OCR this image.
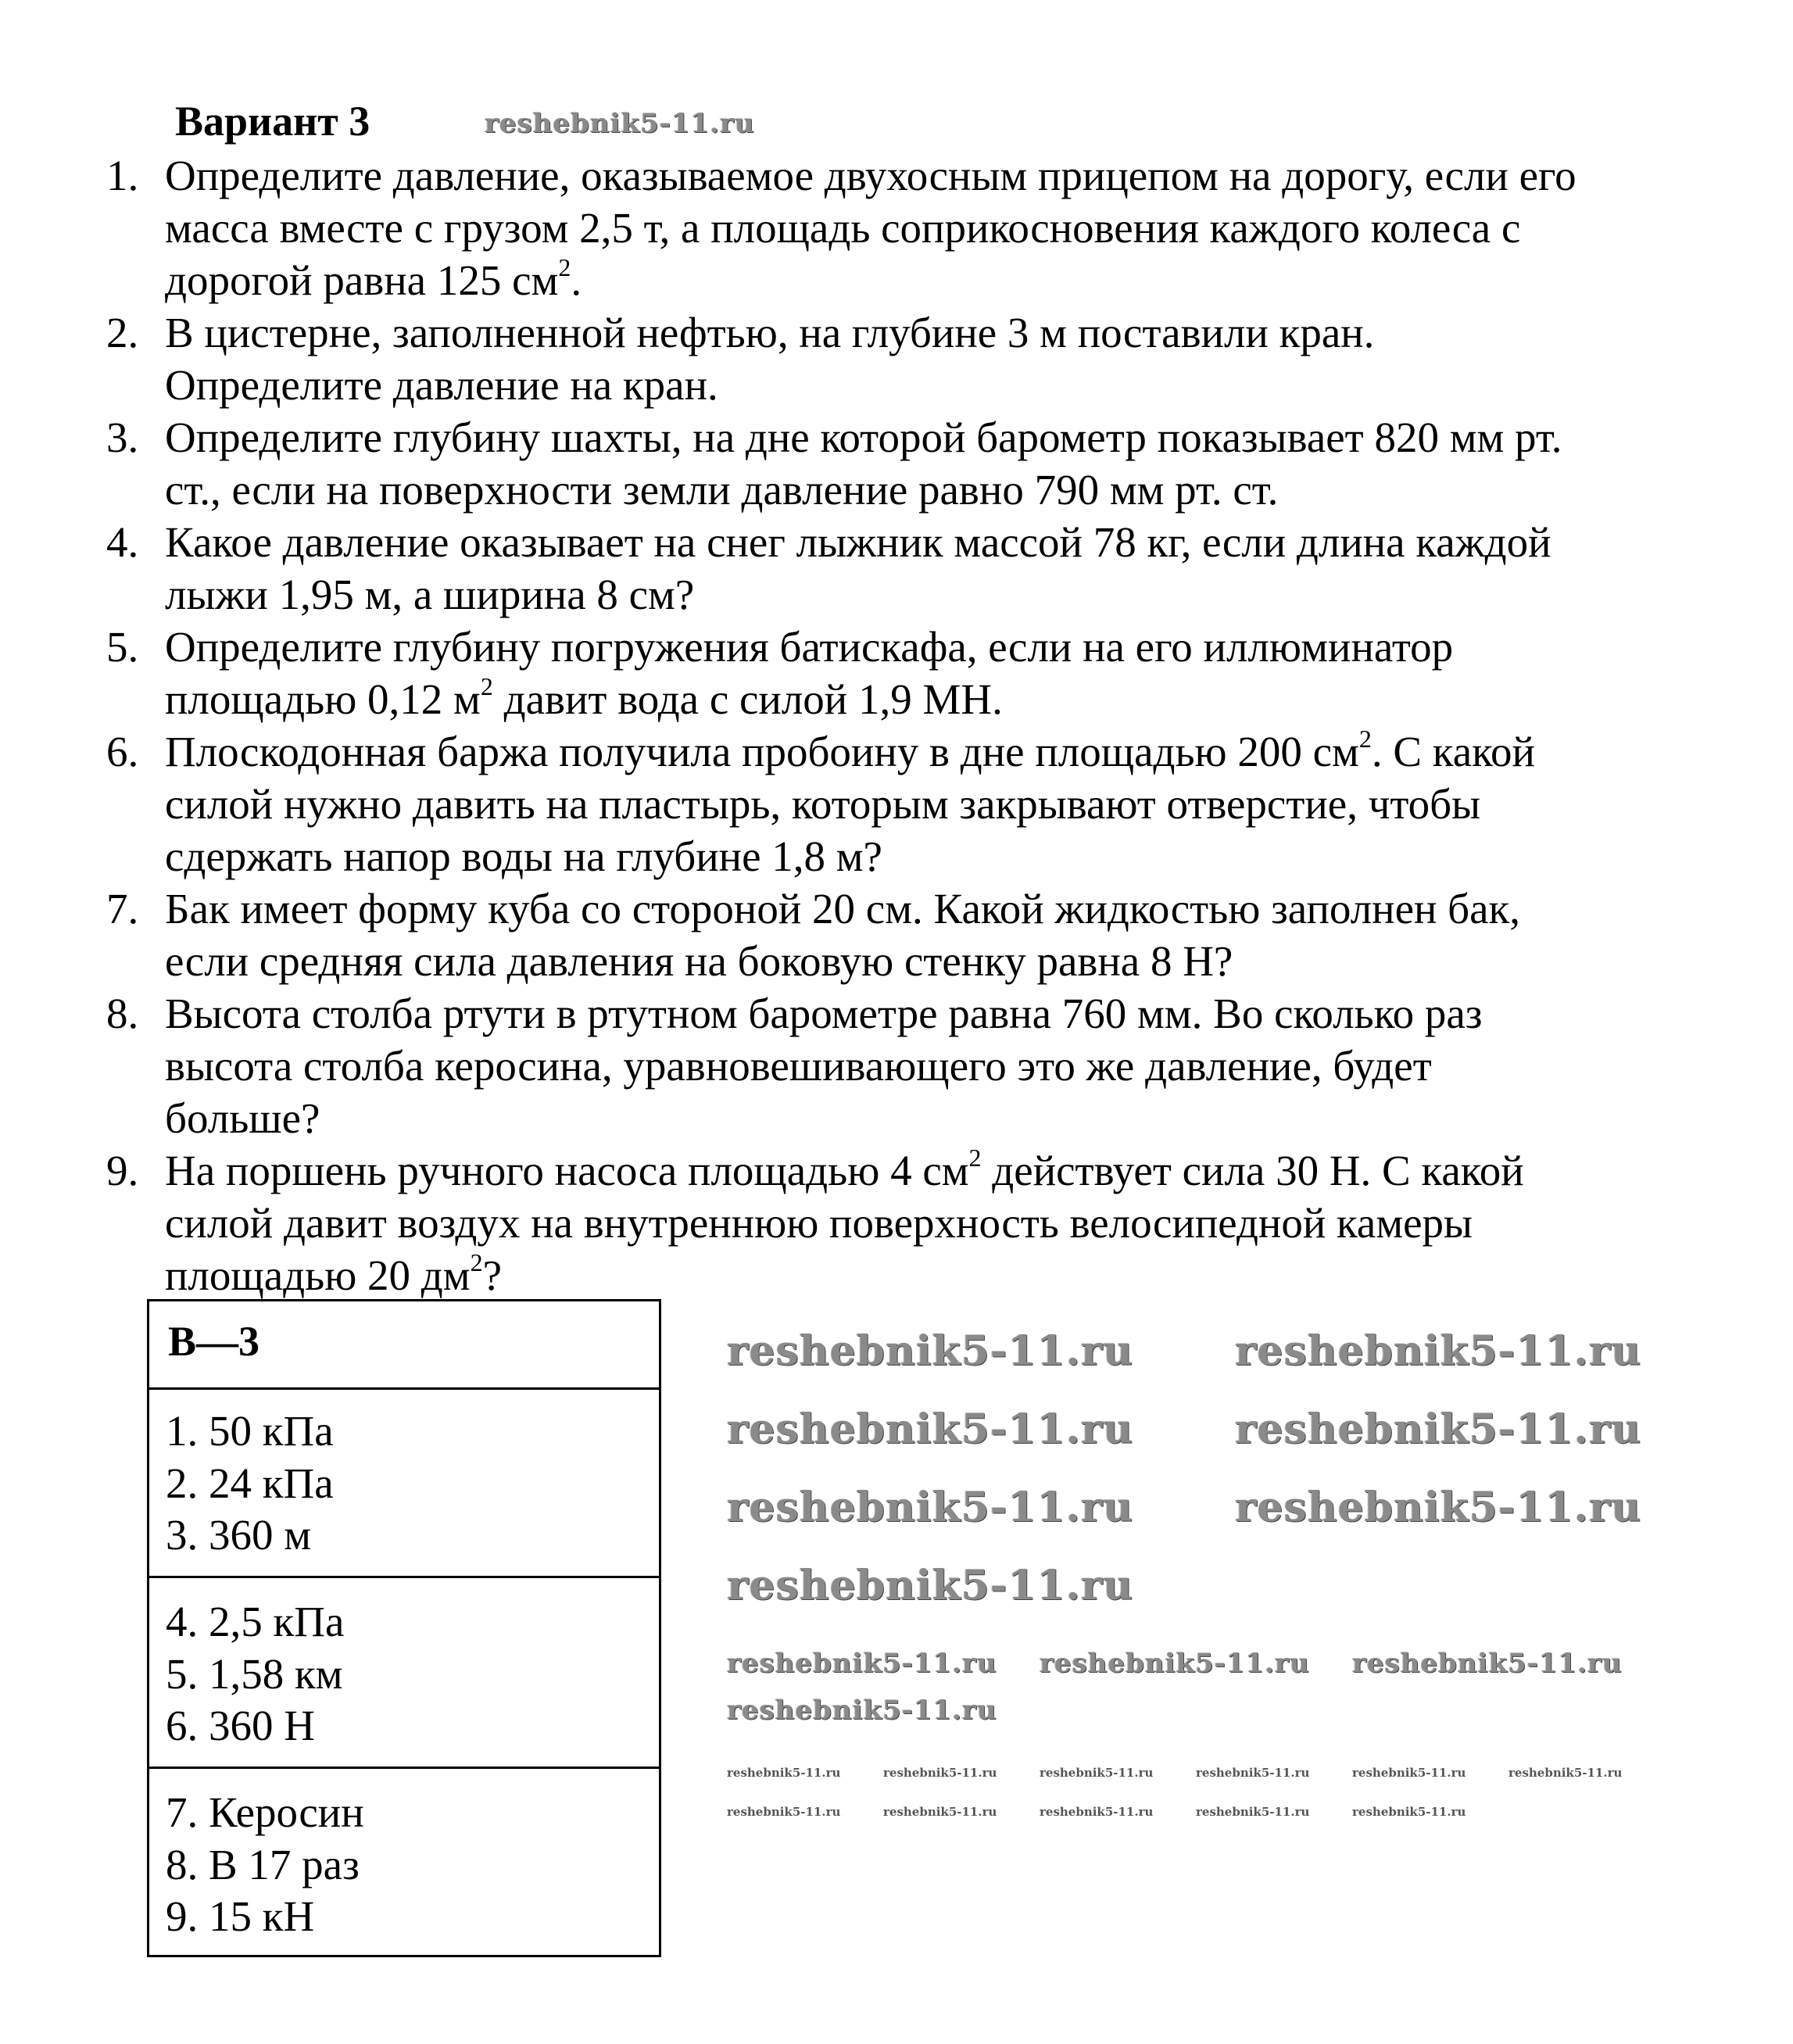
Вариант 3
1. Определите давление, оказываемое двухосным прицепом на дорогу, если его
масса вместе с грузом 2,5 т, а площадь соприкосновения каждого колеса с
дорогой равна 125 $см^2$.
2. В цистерне, заполненной нефтью, на глубине 3 м поставили кран.
Определите давление на кран.
3. Определите глубину шахты, на дне которой барометр показывает 820 мм рт.
ст., если на поверхности земли давление равно 790 мм рт. ст.
4. Какое давление оказывает на снег лыжник массой 78 кг, если длина каждой
лыжи 1,95 м, а ширина 8 см?
5. Определите глубину погружения батискафа, если на его иллюминатор
площадью 0,12 $м^2$ давит вода с силой 1,9 МН.
6. Плоскодонная баржа получила пробоину в дне площадью 200 $см^2$. С какой
силой нужно давить на пластырь, которым закрывают отверстие, чтобы
сдержать напор воды на глубине 1,8 м?
7. Бак имеет форму куба со стороной 20 см. Какой жидкостью заполнен бак,
если средняя сила давления на боковую стенку равна 8 Н?
8. Высота столба ртути в ртутном барометре равна 760 мм. Во сколько раз
высота столба керосина, уравновешивающего это же давление, будет
больше?
9. На поршень ручного насоса площадью 4 $см^2$ действует сила 30 Н. С какой
силой давит воздух на внутреннюю поверхность велосипедной камеры
площадью 20 $дм^2$?
В—3
1. 50 кПа
2. 24 кПа
3. 360 м
4. 2,5 кПа
5. 1,58 км
6. 360 Н
7. Керосин
8. В 17 раз
9. 15 кН
reshebnik5-11.ru
reshebnik5-11.ru reshebnik5-11.ru
reshebnik5-11.ru reshebnik5-11.ru
reshebnik5-11.ru reshebnik5-11.ru
reshebnik5-11.ru
reshebnik5-11.ru reshebnik5-11.ru reshebnik5-11.ru
reshebnik5-11.ru
reshebnik5-11.ru	reshebnik5-11.ru	reshebnik5-11.ru	reshebnik5-11.ru	reshebnik5-11.ru	reshebnik5-11.ru
reshebnik5-11.ru	reshebnik5-11.ru	reshebnik5-11.ru	reshebnik5-11.ru	reshebnik5-11.ru
